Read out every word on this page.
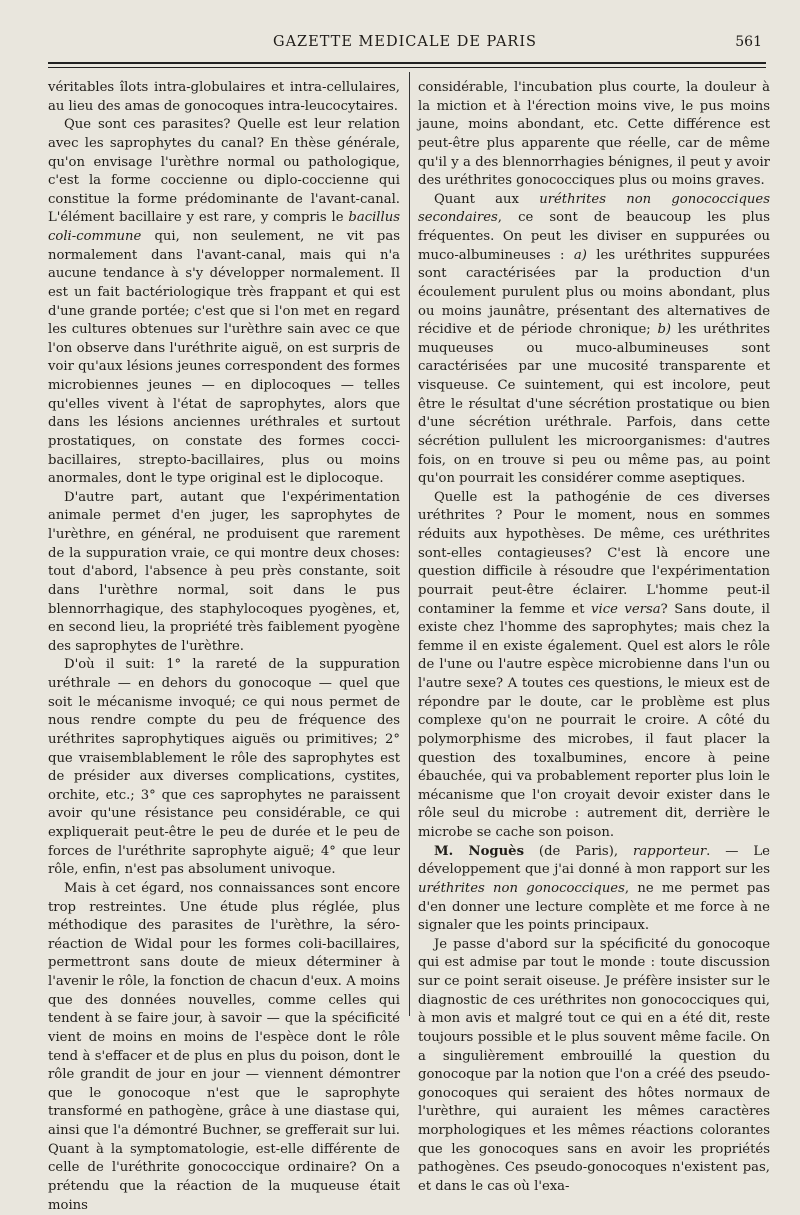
GAZETTE MEDICALE DE PARIS	561

véritables îlots intra-globulaires et intra-cellulaires, au lieu des amas de gonocoques intra-leucocytaires.

Que sont ces parasites? Quelle est leur relation avec les saprophytes du canal? En thèse générale, qu'on envisage l'urèthre normal ou pathologique, c'est la forme coccienne ou diplo-coccienne qui constitue la forme prédominante de l'avant-canal. L'élément bacillaire y est rare, y compris le bacillus coli-commune qui, non seulement, ne vit pas normalement dans l'avant-canal, mais qui n'a aucune tendance à s'y développer normalement. Il est un fait bactériologique très frappant et qui est d'une grande portée; c'est que si l'on met en regard les cultures obtenues sur l'urèthre sain avec ce que l'on observe dans l'uréthrite aiguë, on est surpris de voir qu'aux lésions jeunes correspondent des formes microbiennes jeunes — en diplocoques — telles qu'elles vivent à l'état de saprophytes, alors que dans les lésions anciennes uréthrales et surtout prostatiques, on constate des formes cocci-bacillaires, strepto-bacillaires, plus ou moins anormales, dont le type original est le diplocoque.

D'autre part, autant que l'expérimentation animale permet d'en juger, les saprophytes de l'urèthre, en général, ne produisent que rarement de la suppuration vraie, ce qui montre deux choses: tout d'abord, l'absence à peu près constante, soit dans l'urèthre normal, soit dans le pus blennorrhagique, des staphylocoques pyogènes, et, en second lieu, la propriété très faiblement pyogène des saprophytes de l'urèthre.

D'où il suit: 1° la rareté de la suppuration uréthrale — en dehors du gonocoque — quel que soit le mécanisme invoqué; ce qui nous permet de nous rendre compte du peu de fréquence des uréthrites saprophytiques aiguës ou primitives; 2° que vraisemblablement le rôle des saprophytes est de présider aux diverses complications, cystites, orchite, etc.; 3° que ces saprophytes ne paraissent avoir qu'une résistance peu considérable, ce qui expliquerait peut-être le peu de durée et le peu de forces de l'uréthrite saprophyte aiguë; 4° que leur rôle, enfin, n'est pas absolument univoque.

Mais à cet égard, nos connaissances sont encore trop restreintes. Une étude plus réglée, plus méthodique des parasites de l'urèthre, la séro-réaction de Widal pour les formes coli-bacillaires, permettront sans doute de mieux déterminer à l'avenir le rôle, la fonction de chacun d'eux. A moins que des données nouvelles, comme celles qui tendent à se faire jour, à savoir — que la spécificité vient de moins en moins de l'espèce dont le rôle tend à s'effacer et de plus en plus du poison, dont le rôle grandit de jour en jour — viennent démontrer que le gonocoque n'est que le saprophyte transformé en pathogène, grâce à une diastase qui, ainsi que l'a démontré Buchner, se grefferait sur lui. Quant à la symptomatologie, est-elle différente de celle de l'uréthrite gonococcique ordinaire? On a prétendu que la réaction de la muqueuse était moins

considérable, l'incubation plus courte, la douleur à la miction et à l'érection moins vive, le pus moins jaune, moins abondant, etc. Cette différence est peut-être plus apparente que réelle, car de même qu'il y a des blennorrhagies bénignes, il peut y avoir des uréthrites gonococciques plus ou moins graves.

Quant aux uréthrites non gonococciques secondaires, ce sont de beaucoup les plus fréquentes. On peut les diviser en suppurées ou muco-albumineuses : a) les uréthrites suppurées sont caractérisées par la production d'un écoulement purulent plus ou moins abondant, plus ou moins jaunâtre, présentant des alternatives de récidive et de période chronique; b) les uréthrites muqueuses ou muco-albumineuses sont caractérisées par une mucosité transparente et visqueuse. Ce suintement, qui est incolore, peut être le résultat d'une sécrétion prostatique ou bien d'une sécrétion uréthrale. Parfois, dans cette sécrétion pullulent les microorganismes: d'autres fois, on en trouve si peu ou même pas, au point qu'on pourrait les considérer comme aseptiques.

Quelle est la pathogénie de ces diverses uréthrites ? Pour le moment, nous en sommes réduits aux hypothèses. De même, ces uréthrites sont-elles contagieuses? C'est là encore une question difficile à résoudre que l'expérimentation pourrait peut-être éclairer. L'homme peut-il contaminer la femme et vice versa? Sans doute, il existe chez l'homme des saprophytes; mais chez la femme il en existe également. Quel est alors le rôle de l'une ou l'autre espèce microbienne dans l'un ou l'autre sexe? A toutes ces questions, le mieux est de répondre par le doute, car le problème est plus complexe qu'on ne pourrait le croire. A côté du polymorphisme des microbes, il faut placer la question des toxalbumines, encore à peine ébauchée, qui va probablement reporter plus loin le mécanisme que l'on croyait devoir exister dans le rôle seul du microbe : autrement dit, derrière le microbe se cache son poison.

M. Noguès (de Paris), rapporteur. — Le développement que j'ai donné à mon rapport sur les uréthrites non gonococciques, ne me permet pas d'en donner une lecture complète et me force à ne signaler que les points principaux.

Je passe d'abord sur la spécificité du gonocoque qui est admise par tout le monde : toute discussion sur ce point serait oiseuse. Je préfère insister sur le diagnostic de ces uréthrites non gonococciques qui, à mon avis et malgré tout ce qui en a été dit, reste toujours possible et le plus souvent même facile. On a singulièrement embrouillé la question du gonocoque par la notion que l'on a créé des pseudo-gonocoques qui seraient des hôtes normaux de l'urèthre, qui auraient les mêmes caractères morphologiques et les mêmes réactions colorantes que les gonocoques sans en avoir les propriétés pathogènes. Ces pseudo-gonocoques n'existent pas, et dans le cas où l'exa-
